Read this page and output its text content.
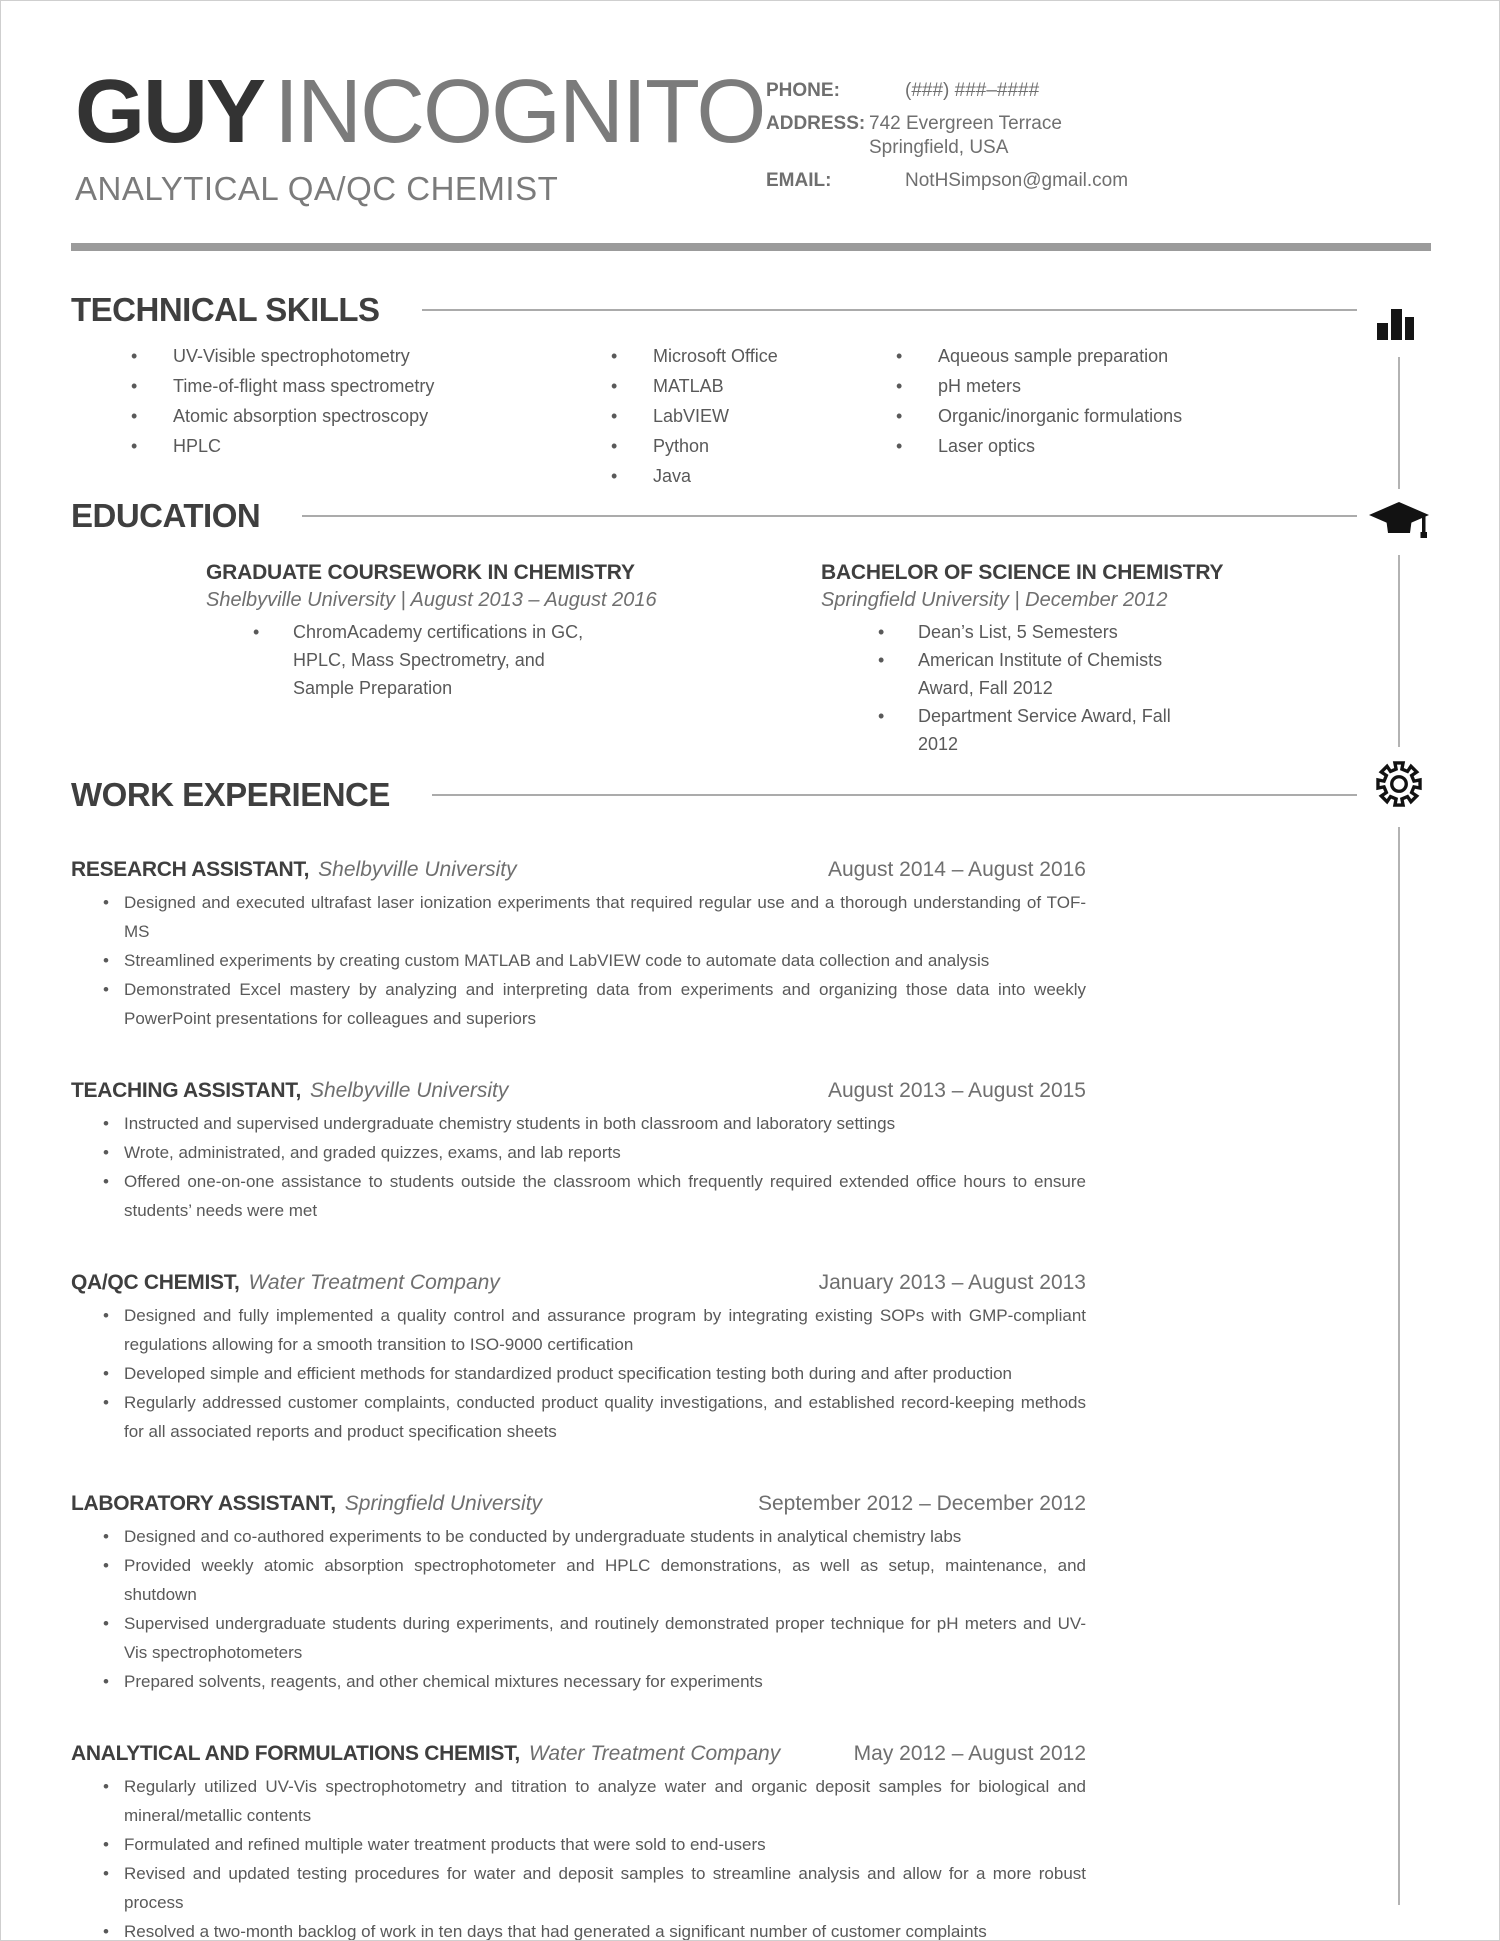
GUY INCOGNITO
ANALYTICAL QA/QC CHEMIST
PHONE:	(###) ###–####
ADDRESS: 742 Evergreen Terrace
Springfield, USA
EMAIL:	NotHSimpson@gmail.com
TECHNICAL SKILLS
• UV-Visible spectrophotometry
• Time-of-flight mass spectrometry
• Atomic absorption spectroscopy
• HPLC
• Microsoft Office
• MATLAB
• LabVIEW
• Python
• Java
• Aqueous sample preparation
• pH meters
• Organic/inorganic formulations
• Laser optics
EDUCATION
GRADUATE COURSEWORK IN CHEMISTRY
Shelbyville University | August 2013 – August 2016
• ChromAcademy certifications in GC, HPLC, Mass Spectrometry, and Sample Preparation
BACHELOR OF SCIENCE IN CHEMISTRY
Springfield University | December 2012
• Dean’s List, 5 Semesters
• American Institute of Chemists Award, Fall 2012
• Department Service Award, Fall 2012
WORK EXPERIENCE
RESEARCH ASSISTANT, Shelbyville University	August 2014 – August 2016
• Designed and executed ultrafast laser ionization experiments that required regular use and a thorough understanding of TOF-MS
• Streamlined experiments by creating custom MATLAB and LabVIEW code to automate data collection and analysis
• Demonstrated Excel mastery by analyzing and interpreting data from experiments and organizing those data into weekly PowerPoint presentations for colleagues and superiors
TEACHING ASSISTANT, Shelbyville University	August 2013 – August 2015
• Instructed and supervised undergraduate chemistry students in both classroom and laboratory settings
• Wrote, administrated, and graded quizzes, exams, and lab reports
• Offered one-on-one assistance to students outside the classroom which frequently required extended office hours to ensure students’ needs were met
QA/QC CHEMIST, Water Treatment Company	January 2013 – August 2013
• Designed and fully implemented a quality control and assurance program by integrating existing SOPs with GMP-compliant regulations allowing for a smooth transition to ISO-9000 certification
• Developed simple and efficient methods for standardized product specification testing both during and after production
• Regularly addressed customer complaints, conducted product quality investigations, and established record-keeping methods for all associated reports and product specification sheets
LABORATORY ASSISTANT, Springfield University	September 2012 – December 2012
• Designed and co-authored experiments to be conducted by undergraduate students in analytical chemistry labs
• Provided weekly atomic absorption spectrophotometer and HPLC demonstrations, as well as setup, maintenance, and shutdown
• Supervised undergraduate students during experiments, and routinely demonstrated proper technique for pH meters and UV-Vis spectrophotometers
• Prepared solvents, reagents, and other chemical mixtures necessary for experiments
ANALYTICAL AND FORMULATIONS CHEMIST, Water Treatment Company	May 2012 – August 2012
• Regularly utilized UV-Vis spectrophotometry and titration to analyze water and organic deposit samples for biological and mineral/metallic contents
• Formulated and refined multiple water treatment products that were sold to end-users
• Revised and updated testing procedures for water and deposit samples to streamline analysis and allow for a more robust process
• Resolved a two-month backlog of work in ten days that had generated a significant number of customer complaints
